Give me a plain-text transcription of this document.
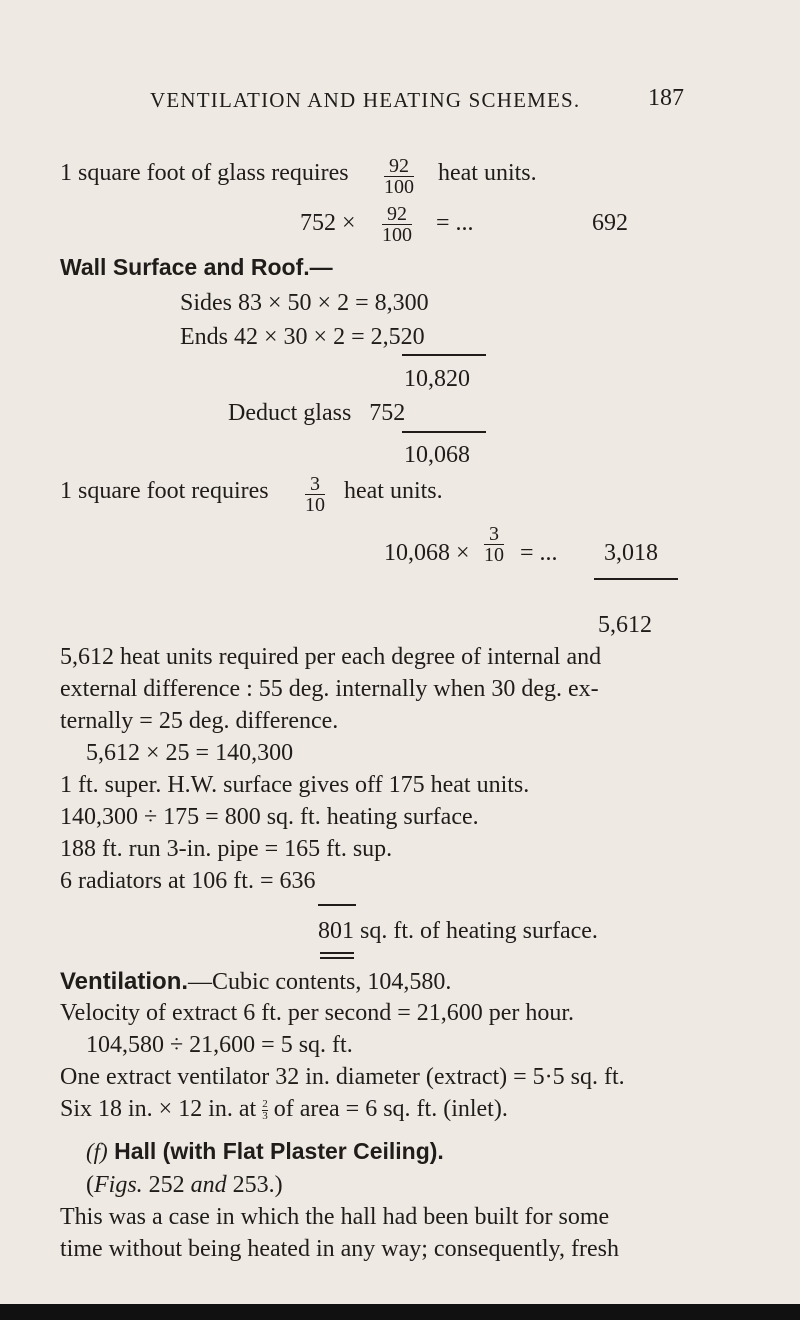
VENTILATION AND HEATING SCHEMES.	187
1 square foot of glass requires $\frac{92}{100}$ heat units.
$752 \times \frac{92}{100}$ = ...	692
Wall Surface and Roof.—
Sides 83 × 50 × 2 = 8,300
Ends 42 × 30 × 2 = 2,520
10,820
Deduct glass   752
10,068
1 square foot requires $\frac{3}{10}$ heat units.
$10,068 \times \frac{3}{10}$ = ... 3,018
5,612
5,612 heat units required per each degree of internal and
external difference : 55 deg. internally when 30 deg. ex-
ternally = 25 deg. difference.
5,612 × 25 = 140,300
1 ft. super. H.W. surface gives off 175 heat units.
140,300 ÷ 175 = 800 sq. ft. heating surface.
188 ft. run 3-in. pipe = 165 ft. sup.
6 radiators at 106 ft. = 636
801 sq. ft. of heating surface.
Ventilation.—Cubic contents, 104,580.
Velocity of extract 6 ft. per second = 21,600 per hour.
104,580 ÷ 21,600 = 5 sq. ft.
One extract ventilator 32 in. diameter (extract) = 5·5 sq. ft.
Six 18 in. × 12 in. at $\frac{2}{3}$ of area = 6 sq. ft. (inlet).
(f) Hall (with Flat Plaster Ceiling).
(Figs. 252 and 253.)
This was a case in which the hall had been built for some
time without being heated in any way; consequently, fresh
